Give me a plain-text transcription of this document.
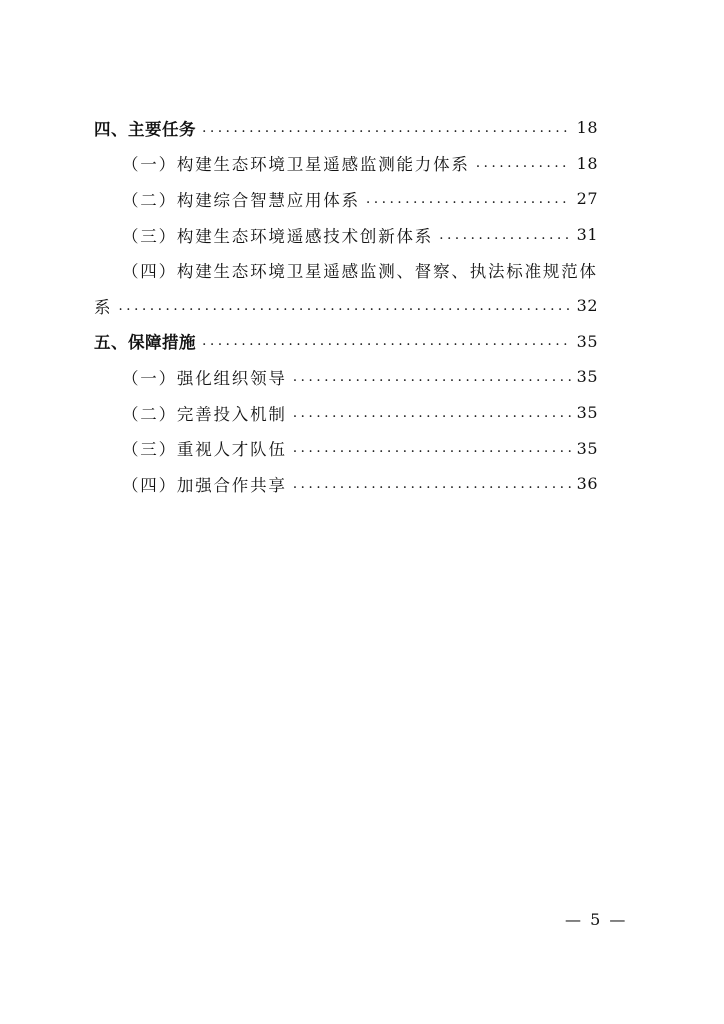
四、主要任务 .....	18
（一）构建生态环境卫星遥感监测能力体系 .....	18
（二）构建综合智慧应用体系 .....	27
（三）构建生态环境遥感技术创新体系 .....	31
（四）构建生态环境卫星遥感监测、督察、执法标准规范体
系 .....	32
五、保障措施 .....	35
（一）强化组织领导 .....	35
（二）完善投入机制 .....	35
（三）重视人才队伍 .....	35
（四）加强合作共享 .....	36
— 5 —
